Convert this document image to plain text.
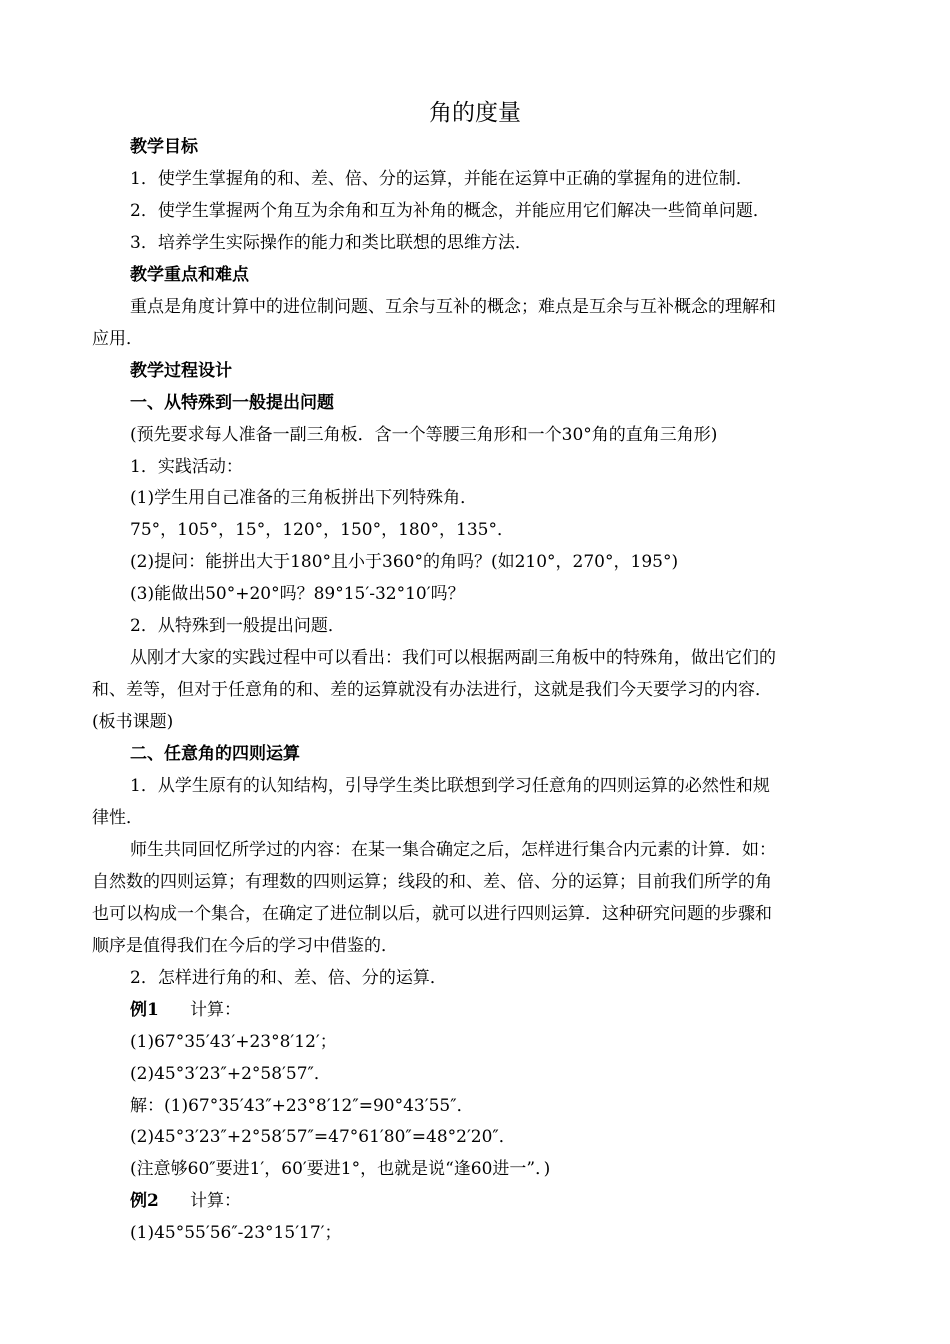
角的度量
教学目标
1．使学生掌握角的和、差、倍、分的运算，并能在运算中正确的掌握角的进位制．
2．使学生掌握两个角互为余角和互为补角的概念，并能应用它们解决一些简单问题．
3．培养学生实际操作的能力和类比联想的思维方法．
教学重点和难点
重点是角度计算中的进位制问题、互余与互补的概念；难点是互余与互补概念的理解和
应用．
教学过程设计
一、从特殊到一般提出问题
(预先要求每人准备一副三角板．含一个等腰三角形和一个30°角的直角三角形)
1．实践活动：
(1)学生用自己准备的三角板拼出下列特殊角．
75°，105°，15°，120°，150°，180°，135°．
(2)提问：能拼出大于180°且小于360°的角吗？(如210°，270°，195°)
(3)能做出50°+20°吗？89°15′-32°10′吗？
2．从特殊到一般提出问题．
从刚才大家的实践过程中可以看出：我们可以根据两副三角板中的特殊角，做出它们的
和、差等，但对于任意角的和、差的运算就没有办法进行，这就是我们今天要学习的内容．
(板书课题)
二、任意角的四则运算
1．从学生原有的认知结构，引导学生类比联想到学习任意角的四则运算的必然性和规
律性．
师生共同回忆所学过的内容：在某一集合确定之后，怎样进行集合内元素的计算．如：
自然数的四则运算；有理数的四则运算；线段的和、差、倍、分的运算；目前我们所学的角
也可以构成一个集合，在确定了进位制以后，就可以进行四则运算．这种研究问题的步骤和
顺序是值得我们在今后的学习中借鉴的．
2．怎样进行角的和、差、倍、分的运算．
例1 计算：
(1)67°35′43′+23°8′12′；
(2)45°3′23″+2°58′57″．
解：(1)67°35′43″+23°8′12″=90°43′55″．
(2)45°3′23″+2°58′57″=47°61′80″=48°2′20″．
(注意够60″要进1′，60′要进1°，也就是说“逢60进一”．)
例2 计算：
(1)45°55′56″-23°15′17′；
